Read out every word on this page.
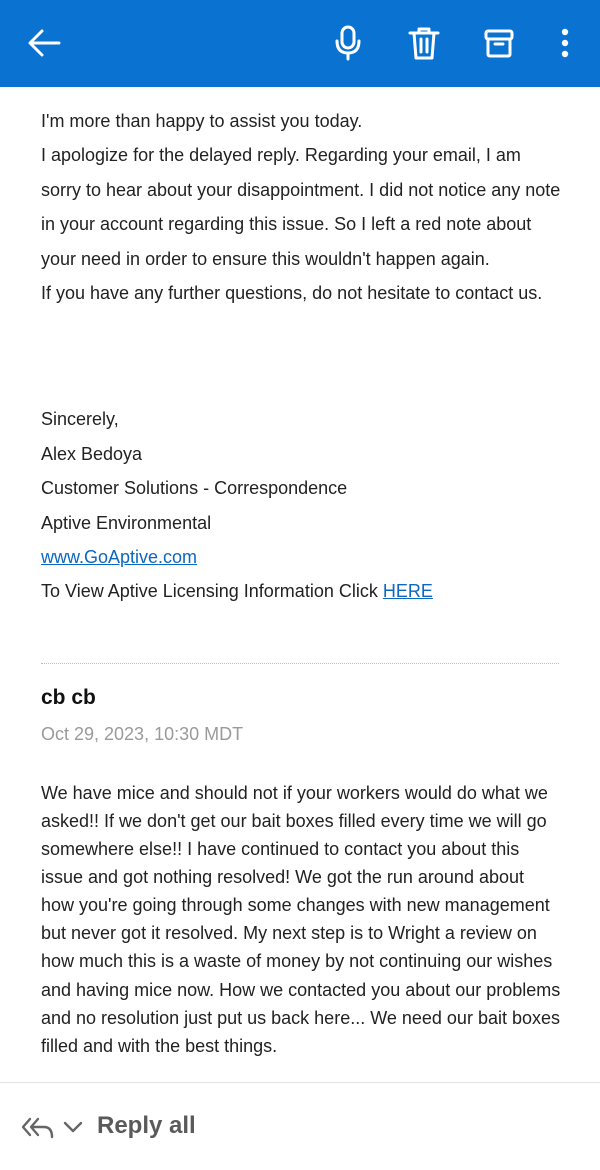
I'm more than happy to assist you today.

I apologize for the delayed reply. Regarding your email, I am sorry to hear about your disappointment. I did not notice any note in your account regarding this issue. So I left a red note about your need in order to ensure this wouldn't happen again.

If you have any further questions, do not hesitate to contact us.

Sincerely,

Alex Bedoya

Customer Solutions - Correspondence

Aptive Environmental

www.GoAptive.com

To View Aptive Licensing Information Click HERE

cb cb
Oct 29, 2023, 10:30 MDT
We have mice and should not if your workers would do what we asked!! If we don't get our bait boxes filled every time we will go somewhere else!! I have continued to contact you about this issue and got nothing resolved! We got the run around about how you're going through some changes with new management but never got it resolved. My next step is to Wright a review on how much this is a waste of money by not continuing our wishes and having mice now. How we contacted you about our problems and no resolution just put us back here... We need our bait boxes filled and with the best things.
Reply all
